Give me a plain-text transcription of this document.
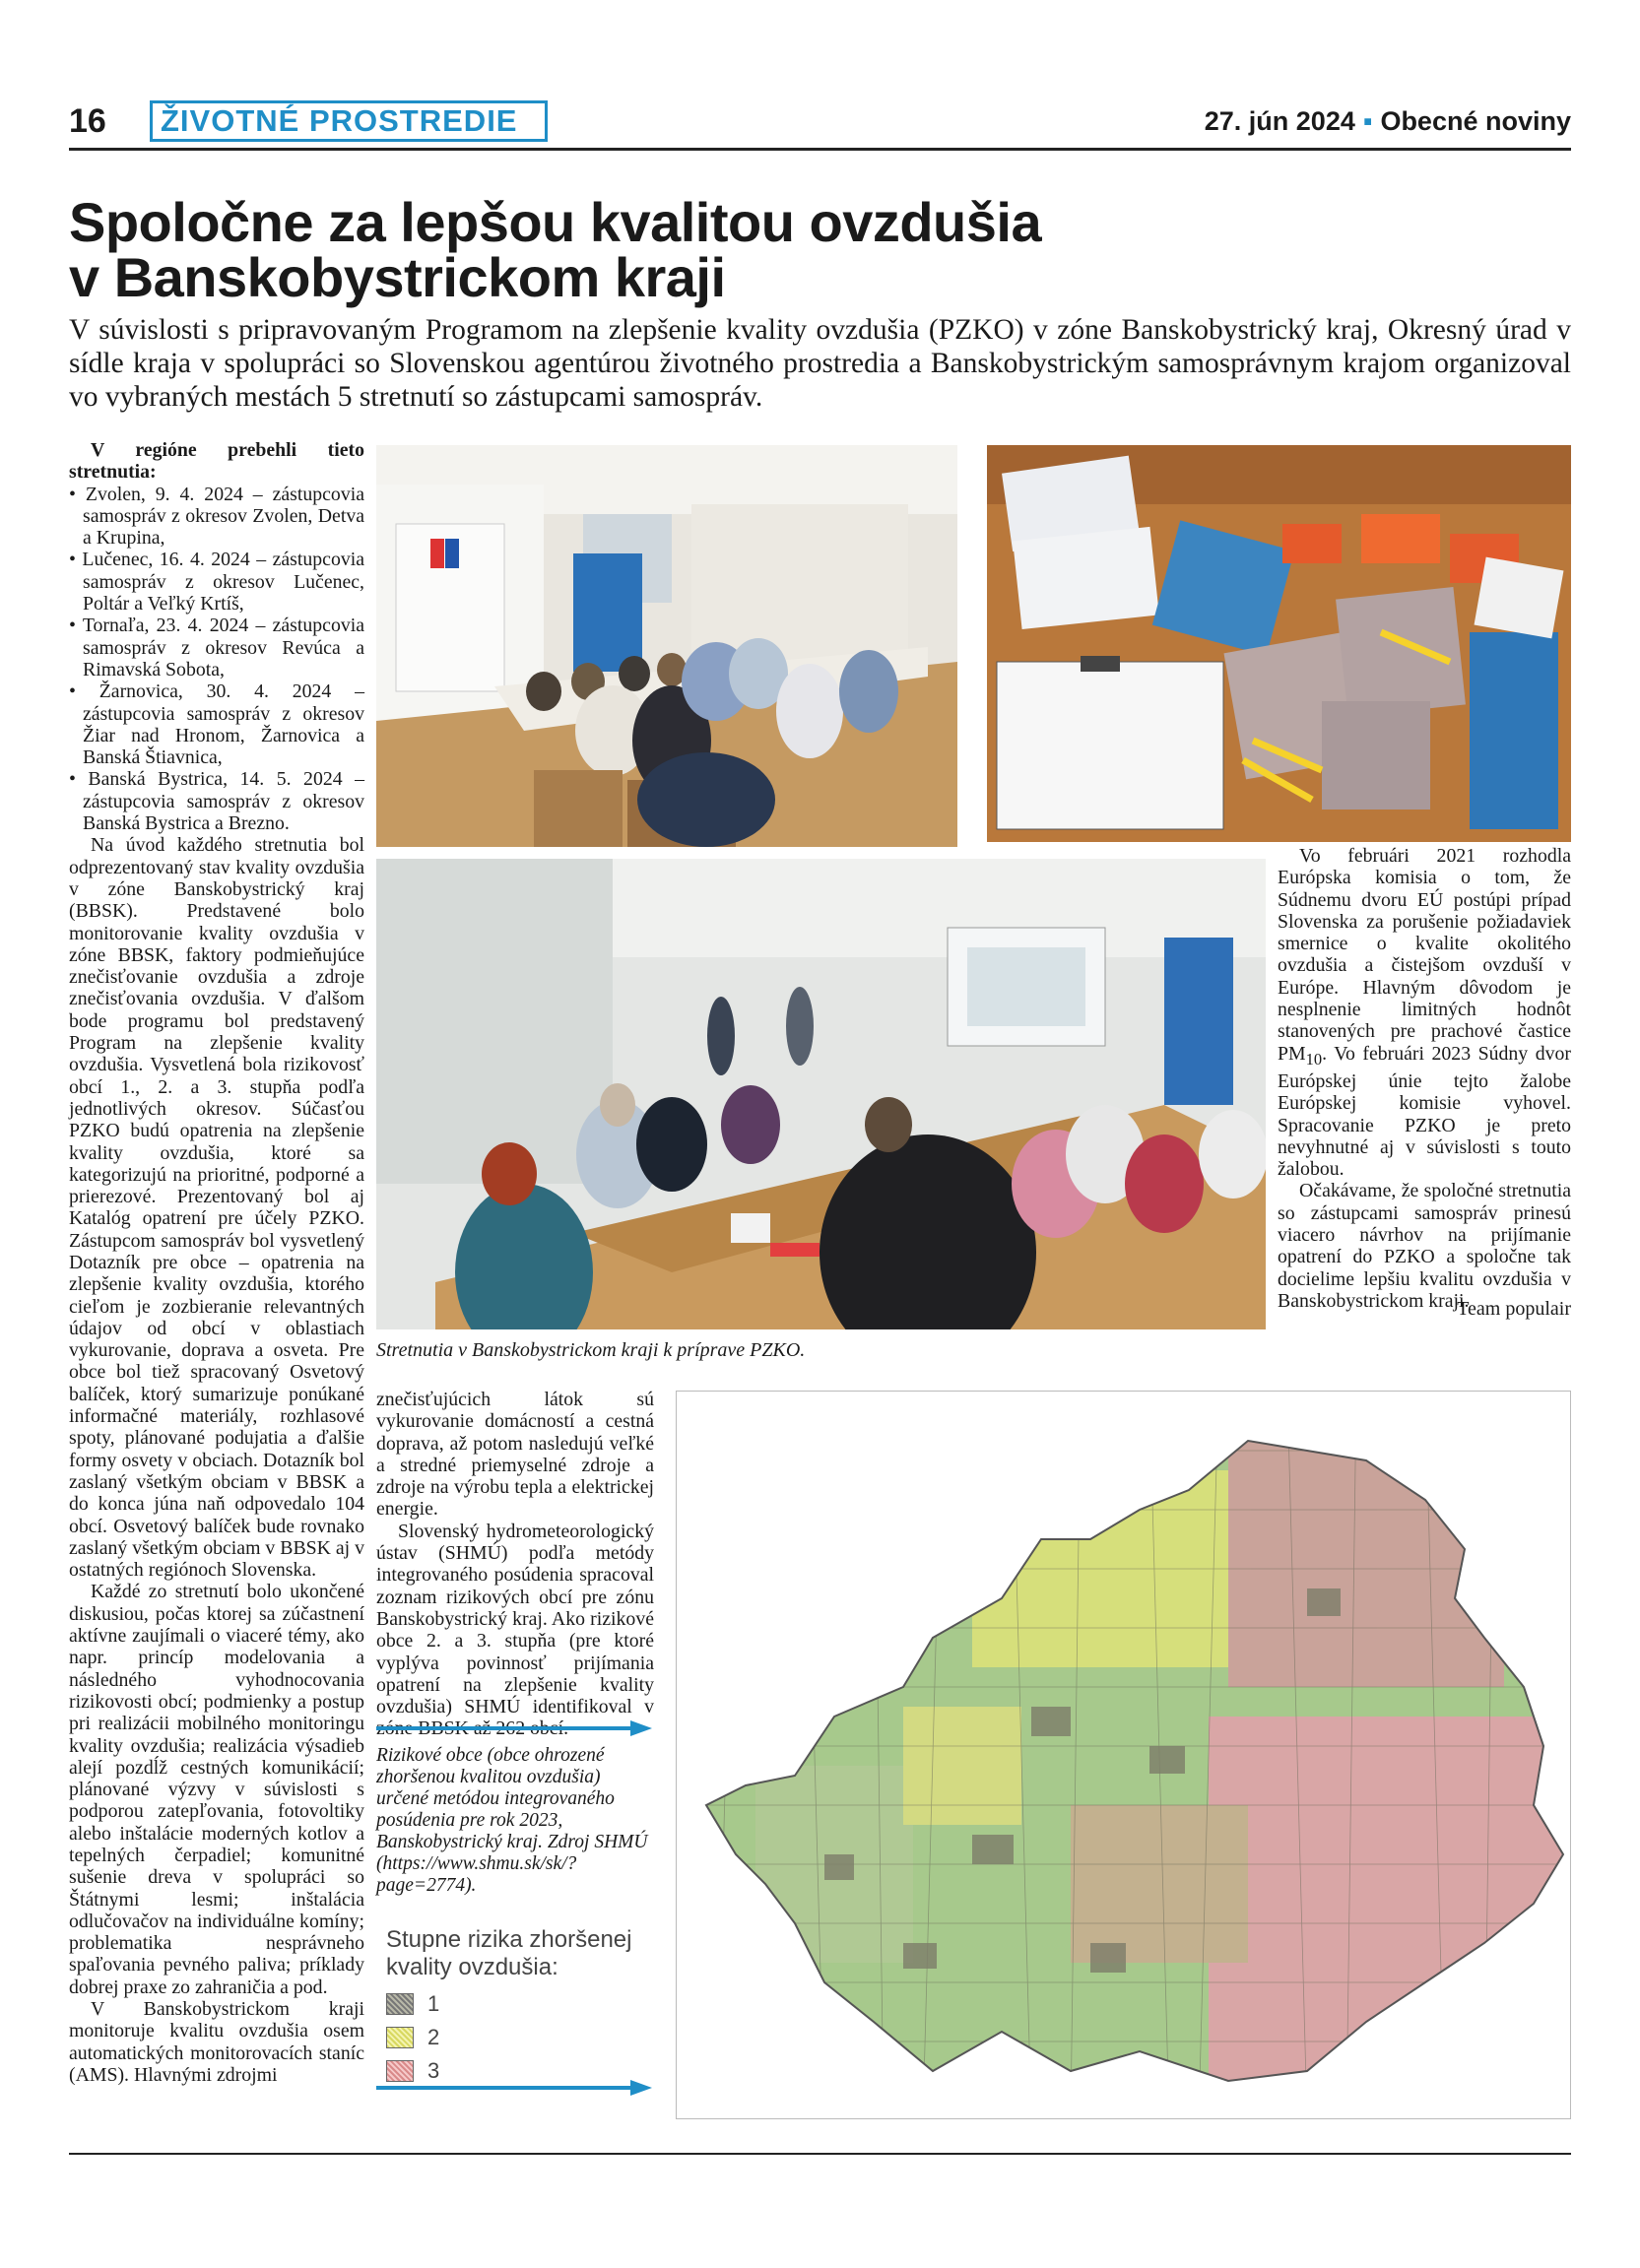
16	ŽIVOTNÉ PROSTREDIE	27. jún 2024 ▪ Obecné noviny
Spoločne za lepšou kvalitou ovzdušia
v Banskobystrickom kraji
V súvislosti s pripravovaným Programom na zlepšenie kvality ovzdušia (PZKO) v zóne Banskobystrický kraj, Okresný úrad v sídle kraja v spolupráci so Slovenskou agentúrou životného prostredia a Banskobystrickým samosprávnym krajom organizoval vo vybraných mestách 5 stretnutí so zástupcami samospráv.

V regióne prebehli tieto stretnutia:

• Zvolen, 9. 4. 2024 – zástupcovia samospráv z okresov Zvolen, Detva a Krupina,
• Lučenec, 16. 4. 2024 – zástupcovia samospráv z okresov Lučenec, Poltár a Veľký Krtíš,
• Tornaľa, 23. 4. 2024 – zástupcovia samospráv z okresov Revúca a Rimavská Sobota,
• Žarnovica, 30. 4. 2024 – zástupcovia samospráv z okresov Žiar nad Hronom, Žarnovica a Banská Štiavnica,
• Banská Bystrica, 14. 5. 2024 – zástupcovia samospráv z okresov Banská Bystrica a Brezno.

Na úvod každého stretnutia bol odprezentovaný stav kvality ovzdušia v zóne Banskobystrický kraj (BBSK). Predstavené bolo monitorovanie kvality ovzdušia v zóne BBSK, faktory podmieňujúce znečisťovanie ovzdušia a zdroje znečisťovania ovzdušia. V ďalšom bode programu bol predstavený Program na zlepšenie kvality ovzdušia. Vysvetlená bola rizikovosť obcí 1., 2. a 3. stupňa podľa jednotlivých okresov. Súčasťou PZKO budú opatrenia na zlepšenie kvality ovzdušia, ktoré sa kategorizujú na prioritné, podporné a prierezové. Prezentovaný bol aj Katalóg opatrení pre účely PZKO. Zástupcom samospráv bol vysvetlený Dotazník pre obce – opatrenia na zlepšenie kvality ovzdušia, ktorého cieľom je zozbieranie relevantných údajov od obcí v oblastiach vykurovanie, doprava a osveta. Pre obce bol tiež spracovaný Osvetový balíček, ktorý sumarizuje ponúkané informačné materiály, rozhlasové spoty, plánované podujatia a ďalšie formy osvety v obciach. Dotazník bol zaslaný všetkým obciam v BBSK a do konca júna naň odpovedalo 104 obcí. Osvetový balíček bude rovnako zaslaný všetkým obciam v BBSK aj v ostatných regiónoch Slovenska.

Každé zo stretnutí bolo ukončené diskusiou, počas ktorej sa zúčastnení aktívne zaujímali o viaceré témy, ako napr. princíp modelovania a následného vyhodnocovania rizikovosti obcí; podmienky a postup pri realizácii mobilného monitoringu kvality ovzdušia; realizácia výsadieb alejí pozdĺž cestných komunikácií; plánované výzvy v súvislosti s podporou zatepľovania, fotovoltiky alebo inštalácie moderných kotlov a tepelných čerpadiel; komunitné sušenie dreva v spolupráci so Štátnymi lesmi; inštalácia odlučovačov na individuálne komíny; problematika nesprávneho spaľovania pevného paliva; príklady dobrej praxe zo zahraničia a pod.

V Banskobystrickom kraji monitoruje kvalitu ovzdušia osem automatických monitorovacích staníc (AMS). Hlavnými zdrojmi

Stretnutia v Banskobystrickom kraji k príprave PZKO.

Vo februári 2021 rozhodla Európska komisia o tom, že Súdnemu dvoru EÚ postúpi prípad Slovenska za porušenie požiadaviek smernice o kvalite okolitého ovzdušia a čistejšom ovzduší v Európe. Hlavným dôvodom je nesplnenie limitných hodnôt stanovených pre prachové častice $PM_{10}$. Vo februári 2023 Súdny dvor Európskej únie tejto žalobe Európskej komisie vyhovel. Spracovanie PZKO je preto nevyhnutné aj v súvislosti s touto žalobou.

Očakávame, že spoločné stretnutia so zástupcami samospráv prinesú viacero návrhov na prijímanie opatrení do PZKO a spoločne tak docielime lepšiu kvalitu ovzdušia v Banskobystrickom kraji.

Team populair

znečisťujúcich látok sú vykurovanie domácností a cestná doprava, až potom nasledujú veľké a stredné priemyselné zdroje a zdroje na výrobu tepla a elektrickej energie.

Slovenský hydrometeorologický ústav (SHMÚ) podľa metódy integrovaného posúdenia spracoval zoznam rizikových obcí pre zónu Banskobystrický kraj. Ako rizikové obce 2. a 3. stupňa (pre ktoré vyplýva povinnosť prijímania opatrení na zlepšenie kvality ovzdušia) SHMÚ identifikoval v zóne BBSK až 262 obcí.

Rizikové obce (obce ohrozené zhoršenou kvalitou ovzdušia) určené metódou integrovaného posúdenia pre rok 2023, Banskobystrický kraj. Zdroj SHMÚ (https://www.shmu.sk/sk/?page=2774).
Stupne rizika zhoršenej
kvality ovzdušia:
1
2
3
